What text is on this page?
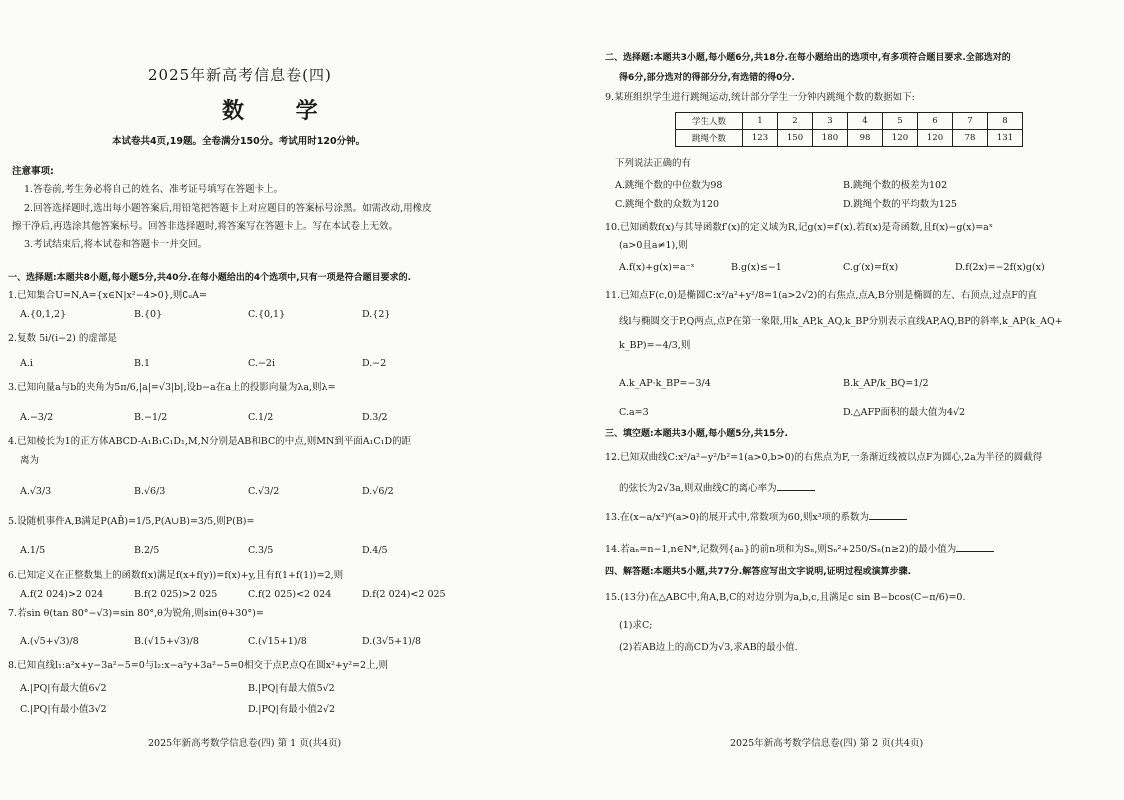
2025年新高考信息卷(四)
数 学
本试卷共4页,19题。全卷满分150分。考试用时120分钟。
注意事项:
1.答卷前,考生务必将自己的姓名、准考证号填写在答题卡上。
2.回答选择题时,选出每小题答案后,用铅笔把答题卡上对应题目的答案标号涂黑。如需改动,用橡皮
擦干净后,再选涂其他答案标号。回答非选择题时,将答案写在答题卡上。写在本试卷上无效。
3.考试结束后,将本试卷和答题卡一并交回。
一、选择题:本题共8小题,每小题5分,共40分.在每小题给出的4个选项中,只有一项是符合题目要求的.
1.已知集合U=N,A={x∈N|x²−4>0},则∁ᵤA=
A.{0,1,2}	B.{0}	C.{0,1}	D.{2}
2.复数 5i/(i−2) 的虚部是
A.i	B.1	C.−2i	D.−2
3.已知向量a与b的夹角为5π/6,|a|=√3|b|,设b−a在a上的投影向量为λa,则λ=
A.−3/2	B.−1/2	C.1/2	D.3/2
4.已知棱长为1的正方体ABCD-A₁B₁C₁D₁,M,N分别是AB和BC的中点,则MN到平面A₁C₁D的距
离为
A.√3/3	B.√6/3	C.√3/2	D.√6/2
5.设随机事件A,B满足P(AB̄)=1/5,P(A∪B)=3/5,则P(B)=
A.1/5	B.2/5	C.3/5	D.4/5
6.已知定义在正整数集上的函数f(x)满足f(x+f(y))=f(x)+y,且有f(1+f(1))=2,则
A.f(2 024)>2 024	B.f(2 025)>2 025	C.f(2 025)<2 024	D.f(2 024)<2 025
7.若sin θ(tan 80°−√3)=sin 80°,θ为锐角,则sin(θ+30°)=
A.(√5+√3)/8	B.(√15+√3)/8	C.(√15+1)/8	D.(3√5+1)/8
8.已知直线l₁:a²x+y−3a²−5=0与l₂:x−a²y+3a²−5=0相交于点P,点Q在圆x²+y²=2上,则
A.|PQ|有最大值6√2	B.|PQ|有最大值5√2
C.|PQ|有最小值3√2	D.|PQ|有最小值2√2
2025年新高考数学信息卷(四) 第 1 页(共4页)
二、选择题:本题共3小题,每小题6分,共18分.在每小题给出的选项中,有多项符合题目要求.全部选对的
得6分,部分选对的得部分分,有选错的得0分.
9.某班组织学生进行跳绳运动,统计部分学生一分钟内跳绳个数的数据如下:
学生人数	1	2	3	4	5	6	7	8
跳绳个数	123	150	180	98	120	120	78	131
下列说法正确的有
A.跳绳个数的中位数为98	B.跳绳个数的极差为102
C.跳绳个数的众数为120	D.跳绳个数的平均数为125
10.已知函数f(x)与其导函数f′(x)的定义域为R,记g(x)=f′(x).若f(x)是奇函数,且f(x)−g(x)=aˣ
(a>0且a≠1),则
A.f(x)+g(x)=a⁻ˣ	B.g(x)≤−1	C.g′(x)=f(x)	D.f(2x)=−2f(x)g(x)
11.已知点F(c,0)是椭圆C:x²/a²+y²/8=1(a>2√2)的右焦点,点A,B分别是椭圆的左、右顶点,过点F的直
线l与椭圆交于P,Q两点,点P在第一象限,用k_AP,k_AQ,k_BP分别表示直线AP,AQ,BP的斜率,k_AP(k_AQ+
k_BP)=−4/3,则
A.k_AP·k_BP=−3/4	B.k_AP/k_BQ=1/2
C.a=3	D.△AFP面积的最大值为4√2
三、填空题:本题共3小题,每小题5分,共15分.
12.已知双曲线C:x²/a²−y²/b²=1(a>0,b>0)的右焦点为F,一条渐近线被以点F为圆心,2a为半径的圆截得
的弦长为2√3a,则双曲线C的离心率为
13.在(x−a/x²)⁶(a>0)的展开式中,常数项为60,则x³项的系数为
14.若aₙ=n−1,n∈N*,记数列{aₙ}的前n项和为Sₙ,则Sₙ²+250/Sₙ(n≥2)的最小值为
四、解答题:本题共5小题,共77分.解答应写出文字说明,证明过程或演算步骤.
15.(13分)在△ABC中,角A,B,C的对边分别为a,b,c,且满足c sin B−bcos(C−π/6)=0.
(1)求C;
(2)若AB边上的高CD为√3,求AB的最小值.
2025年新高考数学信息卷(四) 第 2 页(共4页)
